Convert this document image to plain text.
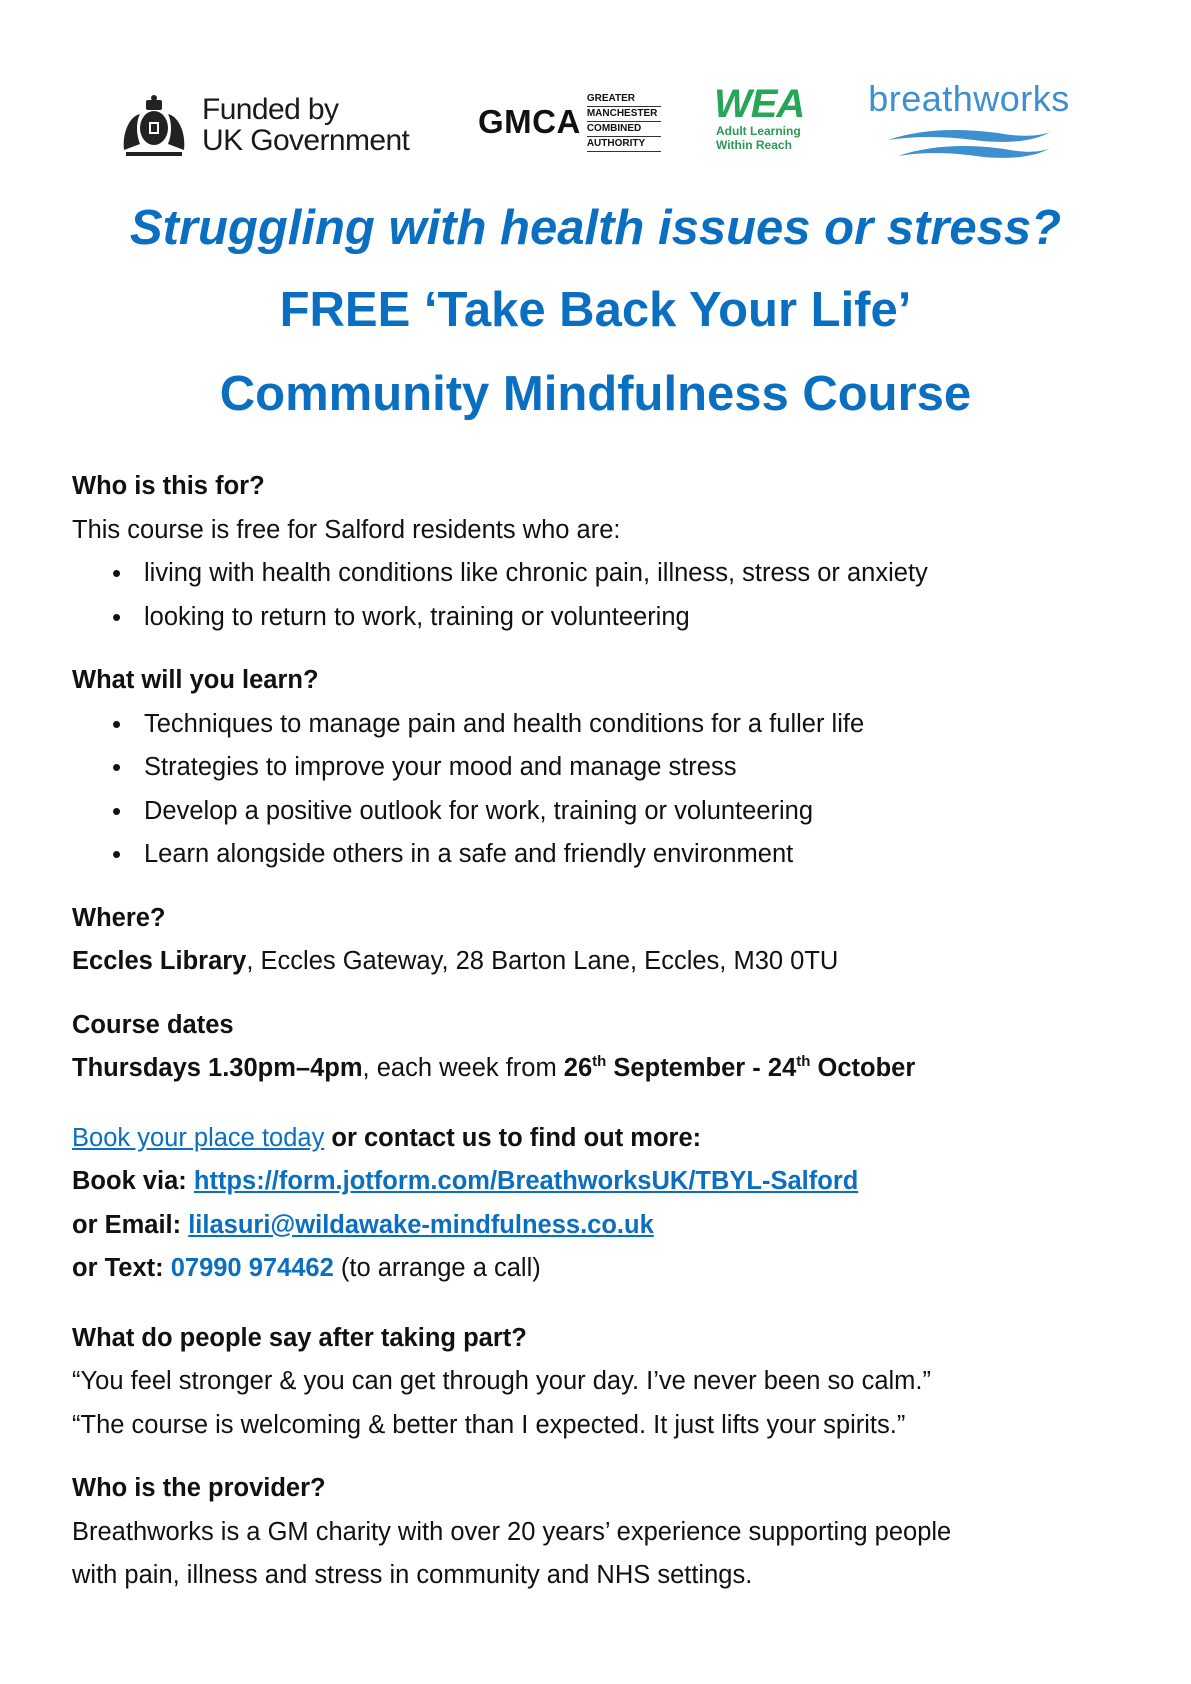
Funded by
UK Government
GMCA
GREATER
MANCHESTER
COMBINED
AUTHORITY
WEA
Adult Learning
Within Reach
breathworks
Struggling with health issues or stress?
FREE ‘Take Back Your Life’
Community Mindfulness Course
Who is this for?
This course is free for Salford residents who are:
• living with health conditions like chronic pain, illness, stress or anxiety
• looking to return to work, training or volunteering
What will you learn?
• Techniques to manage pain and health conditions for a fuller life
• Strategies to improve your mood and manage stress
• Develop a positive outlook for work, training or volunteering
• Learn alongside others in a safe and friendly environment
Where?
Eccles Library, Eccles Gateway, 28 Barton Lane, Eccles, M30 0TU
Course dates
Thursdays 1.30pm–4pm, each week from 26th September - 24th October
Book your place today or contact us to find out more:
Book via: https://form.jotform.com/BreathworksUK/TBYL-Salford
or Email: lilasuri@wildawake-mindfulness.co.uk
or Text: 07990 974462 (to arrange a call)
What do people say after taking part?
“You feel stronger & you can get through your day. I’ve never been so calm.”
“The course is welcoming & better than I expected. It just lifts your spirits.”
Who is the provider?
Breathworks is a GM charity with over 20 years’ experience supporting people
with pain, illness and stress in community and NHS settings.
